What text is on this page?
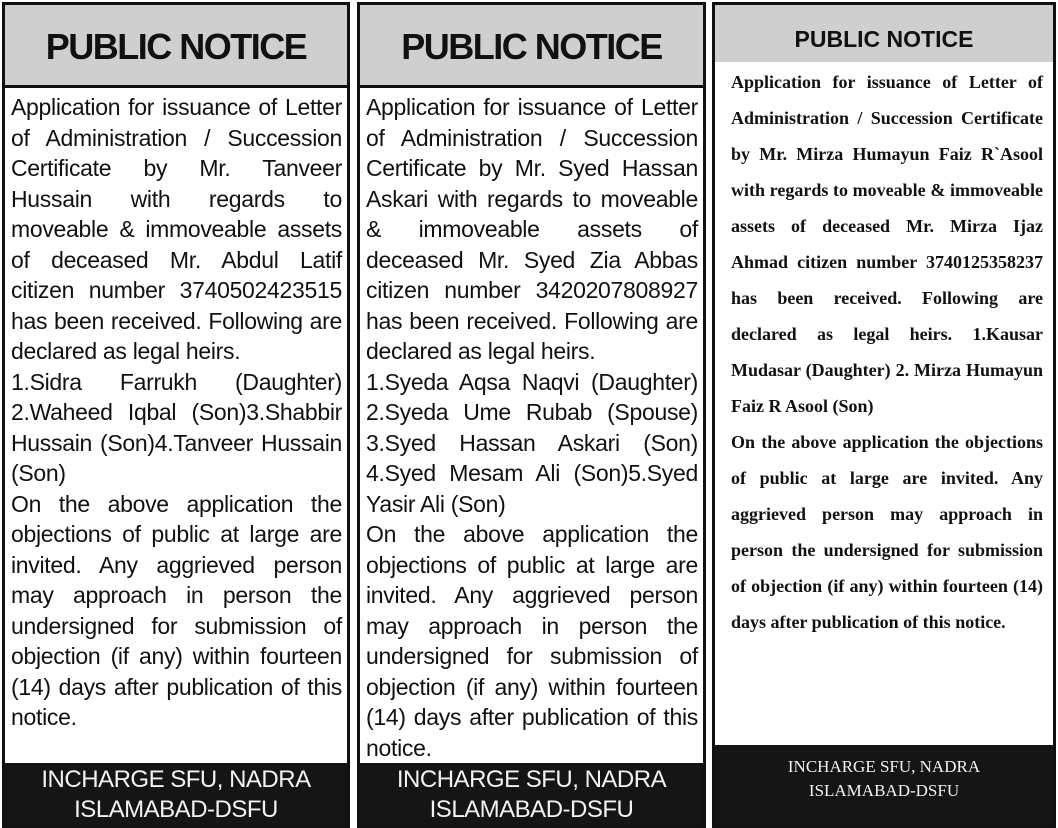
PUBLIC NOTICE

Application for issuance of Letter of Administration / Succession Certificate by Mr. Tanveer Hussain with regards to moveable & immoveable assets of deceased Mr. Abdul Latif citizen number 3740502423515 has been received. Following are declared as legal heirs.

1.Sidra Farrukh (Daughter) 2.Waheed Iqbal (Son)3.Shabbir Hussain (Son)4.Tanveer Hussain (Son)

On the above application the objections of public at large are invited. Any aggrieved person may approach in person the undersigned for submission of objection (if any) within fourteen (14) days after publication of this notice.

INCHARGE SFU, NADRA
ISLAMABAD-DSFU
PUBLIC NOTICE

Application for issuance of Letter of Administration / Succession Certificate by Mr. Syed Hassan Askari with regards to moveable & immoveable assets of deceased Mr. Syed Zia Abbas citizen number 3420207808927 has been received. Following are declared as legal heirs.

1.Syeda Aqsa Naqvi (Daughter) 2.Syeda Ume Rubab (Spouse) 3.Syed Hassan Askari (Son) 4.Syed Mesam Ali (Son)5.Syed Yasir Ali (Son)

On the above application the objections of public at large are invited. Any aggrieved person may approach in person the undersigned for submission of objection (if any) within fourteen (14) days after publication of this notice.

INCHARGE SFU, NADRA
ISLAMABAD-DSFU
PUBLIC NOTICE

Application for issuance of Letter of Administration / Succession Certificate by Mr. Mirza Humayun Faiz R`Asool with regards to moveable & immoveable assets of deceased Mr. Mirza Ijaz Ahmad citizen number 3740125358237 has been received. Following are declared as legal heirs. 1.Kausar Mudasar (Daughter) 2. Mirza Humayun Faiz R Asool (Son)

On the above application the objections of public at large are invited. Any aggrieved person may approach in person the undersigned for submission of objection (if any) within fourteen (14) days after publication of this notice.

INCHARGE SFU, NADRA
ISLAMABAD-DSFU
